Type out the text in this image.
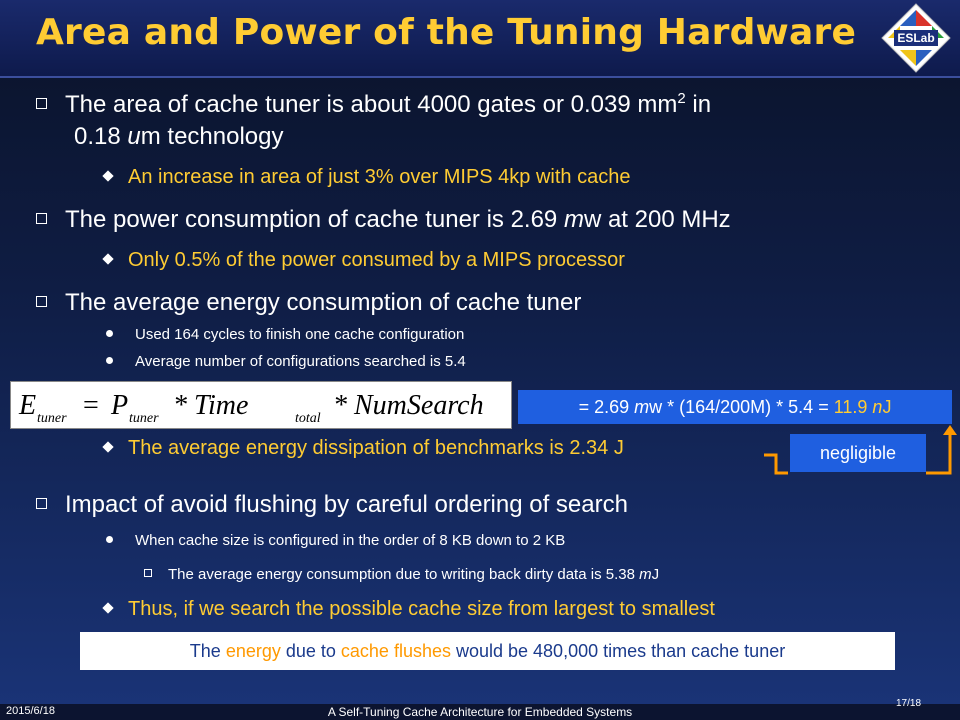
Area and Power of the Tuning Hardware	ESLab
The area of cache tuner is about 4000 gates or 0.039 $mm^2$ in
0.18 um technology
An increase in area of just 3% over MIPS 4kp with cache
The power consumption of cache tuner is 2.69 mw at 200 MHz
Only 0.5% of the power consumed by a MIPS processor
The average energy consumption of cache tuner
Used 164 cycles to finish one cache configuration
Average number of configurations searched is 5.4
E tuner = P tuner * Time	total * NumSearch	= 2.69 mw * (164/200M) * 5.4 = 11.9 nJ
The average energy dissipation of benchmarks is 2.34 J	negligible
Impact of avoid flushing by careful ordering of search
When cache size is configured in the order of 8 KB down to 2 KB
The average energy consumption due to writing back dirty data is 5.38 mJ
Thus, if we search the possible cache size from largest to smallest
The energy due to cache flushes would be 480,000 times than cache tuner
2015/6/18	A Self-Tuning Cache Architecture for Embedded Systems
17/18
